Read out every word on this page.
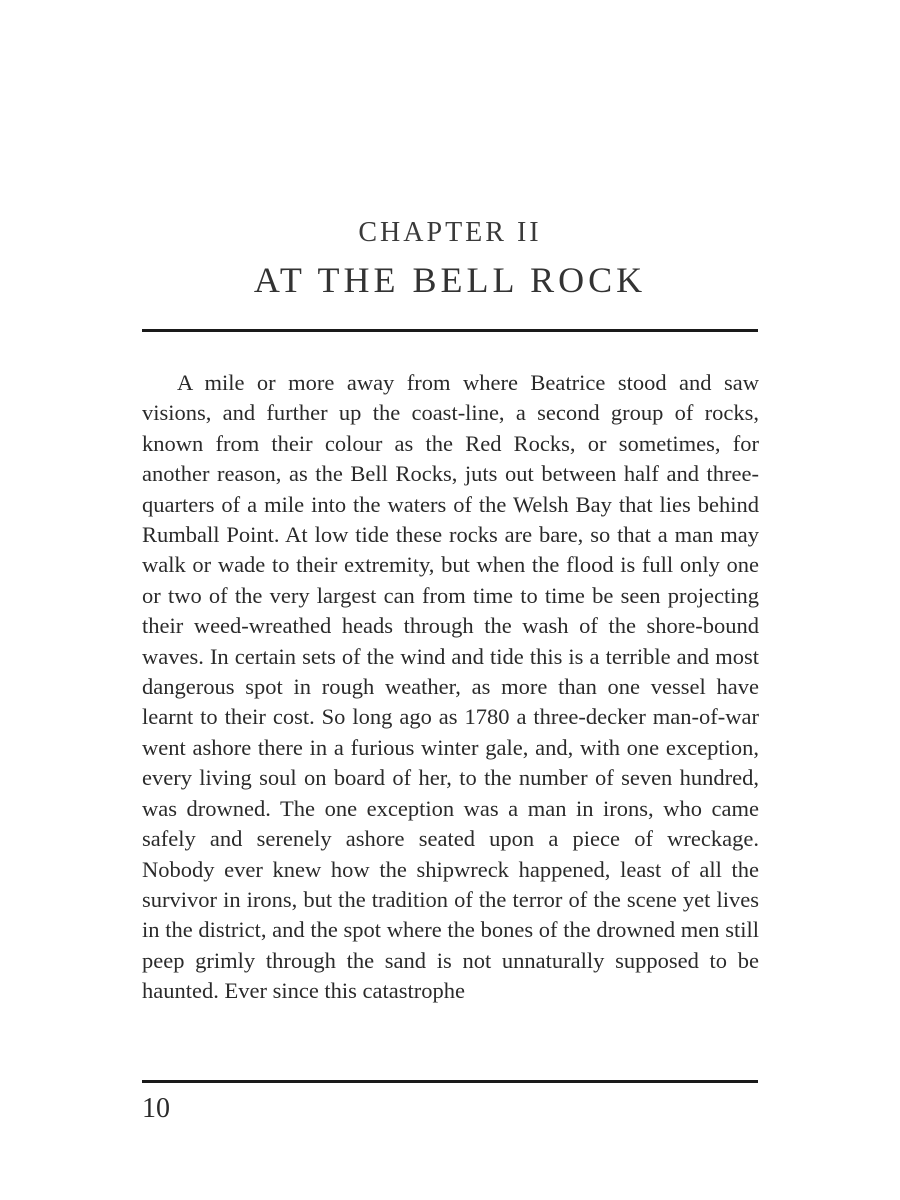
CHAPTER II
AT THE BELL ROCK

A mile or more away from where Beatrice stood and saw visions, and further up the coast-line, a second group of rocks, known from their colour as the Red Rocks, or sometimes, for another reason, as the Bell Rocks, juts out between half and three-quarters of a mile into the waters of the Welsh Bay that lies behind Rumball Point. At low tide these rocks are bare, so that a man may walk or wade to their extremity, but when the flood is full only one or two of the very largest can from time to time be seen projecting their weed-wreathed heads through the wash of the shore-bound waves. In certain sets of the wind and tide this is a terrible and most dangerous spot in rough weather, as more than one vessel have learnt to their cost. So long ago as 1780 a three-decker man-of-war went ashore there in a furious winter gale, and, with one exception, every living soul on board of her, to the number of seven hundred, was drowned. The one exception was a man in irons, who came safely and serenely ashore seated upon a piece of wreckage. Nobody ever knew how the shipwreck happened, least of all the survivor in irons, but the tradition of the terror of the scene yet lives in the district, and the spot where the bones of the drowned men still peep grimly through the sand is not unnaturally supposed to be haunted. Ever since this catastrophe

10
